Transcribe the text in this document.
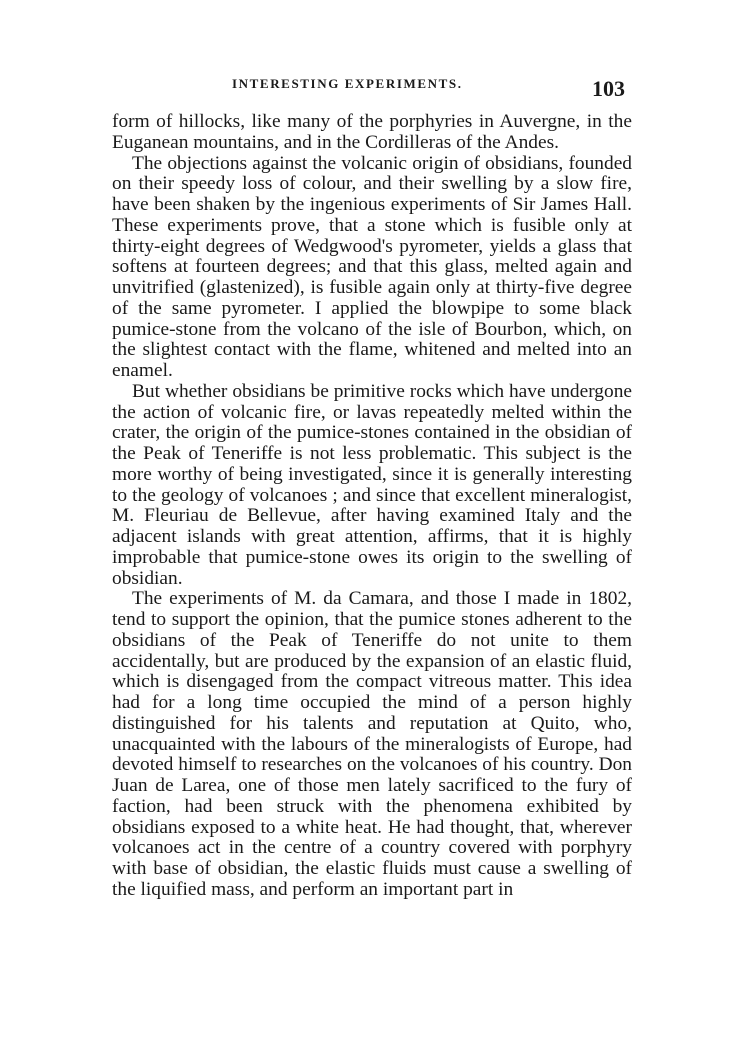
INTERESTING EXPERIMENTS.	103

form of hillocks, like many of the porphyries in Auvergne, in the Euganean mountains, and in the Cordilleras of the Andes.

The objections against the volcanic origin of obsidians, founded on their speedy loss of colour, and their swelling by a slow fire, have been shaken by the ingenious experiments of Sir James Hall. These experiments prove, that a stone which is fusible only at thirty-eight degrees of Wedgwood's pyrometer, yields a glass that softens at fourteen degrees; and that this glass, melted again and unvitrified (glastenized), is fusible again only at thirty-five degree of the same pyrometer. I applied the blowpipe to some black pumice-stone from the volcano of the isle of Bourbon, which, on the slightest contact with the flame, whitened and melted into an enamel.

But whether obsidians be primitive rocks which have undergone the action of volcanic fire, or lavas repeatedly melted within the crater, the origin of the pumice-stones contained in the obsidian of the Peak of Teneriffe is not less problematic. This subject is the more worthy of being investigated, since it is generally interesting to the geology of volcanoes ; and since that excellent mineralogist, M. Fleuriau de Bellevue, after having examined Italy and the adjacent islands with great attention, affirms, that it is highly improbable that pumice-stone owes its origin to the swelling of obsidian.

The experiments of M. da Camara, and those I made in 1802, tend to support the opinion, that the pumice stones adherent to the obsidians of the Peak of Teneriffe do not unite to them accidentally, but are produced by the expansion of an elastic fluid, which is disengaged from the compact vitreous matter. This idea had for a long time occupied the mind of a person highly distinguished for his talents and reputation at Quito, who, unacquainted with the labours of the mineralogists of Europe, had devoted himself to researches on the volcanoes of his country. Don Juan de Larea, one of those men lately sacrificed to the fury of faction, had been struck with the phenomena exhibited by obsidians exposed to a white heat. He had thought, that, wherever volcanoes act in the centre of a country covered with porphyry with base of obsidian, the elastic fluids must cause a swelling of the liquified mass, and perform an important part in
